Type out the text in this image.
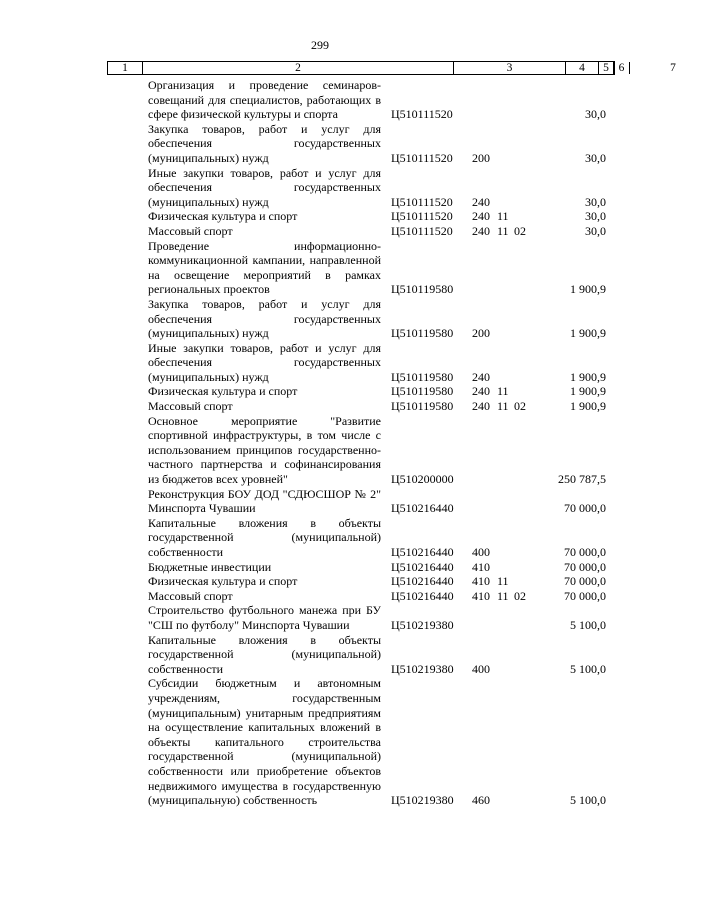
299
1	2	3	4	5 6	7
Организация и проведение семинаров-совещаний для специалистов, работающих в сфере физической культуры и спорта	Ц510111520	30,0
Закупка товаров, работ и услуг для обеспечения государственных (муниципальных) нужд	Ц510111520 200	30,0
Иные закупки товаров, работ и услуг для обеспечения государственных (муниципальных) нужд	Ц510111520 240	30,0
Физическая культура и спорт	Ц510111520 240 11	30,0
Массовый спорт	Ц510111520 240 11 02	30,0
Проведение информационно-коммуникационной кампании, направленной на освещение мероприятий в рамках региональных проектов	Ц510119580	1 900,9
Закупка товаров, работ и услуг для обеспечения государственных (муниципальных) нужд	Ц510119580 200	1 900,9
Иные закупки товаров, работ и услуг для обеспечения государственных (муниципальных) нужд	Ц510119580 240	1 900,9
Физическая культура и спорт	Ц510119580 240 11	1 900,9
Массовый спорт	Ц510119580 240 11 02	1 900,9
Основное мероприятие "Развитие спортивной инфраструктуры, в том числе с использованием принципов государственно-частного партнерства и софинансирования из бюджетов всех уровней"	Ц510200000	250 787,5
Реконструкция БОУ ДОД "СДЮСШОР № 2" Минспорта Чувашии	Ц510216440	70 000,0
Капитальные вложения в объекты государственной (муниципальной) собственности	Ц510216440 400	70 000,0
Бюджетные инвестиции	Ц510216440 410	70 000,0
Физическая культура и спорт	Ц510216440 410 11	70 000,0
Массовый спорт	Ц510216440 410 11 02	70 000,0
Строительство футбольного манежа при БУ "СШ по футболу" Минспорта Чувашии	Ц510219380	5 100,0
Капитальные вложения в объекты государственной (муниципальной) собственности	Ц510219380 400	5 100,0
Субсидии бюджетным и автономным учреждениям, государственным (муниципальным) унитарным предприятиям на осуществление капитальных вложений в объекты капитального строительства государственной (муниципальной) собственности или приобретение объектов недвижимого имущества в государственную (муниципальную) собственность	Ц510219380 460	5 100,0
